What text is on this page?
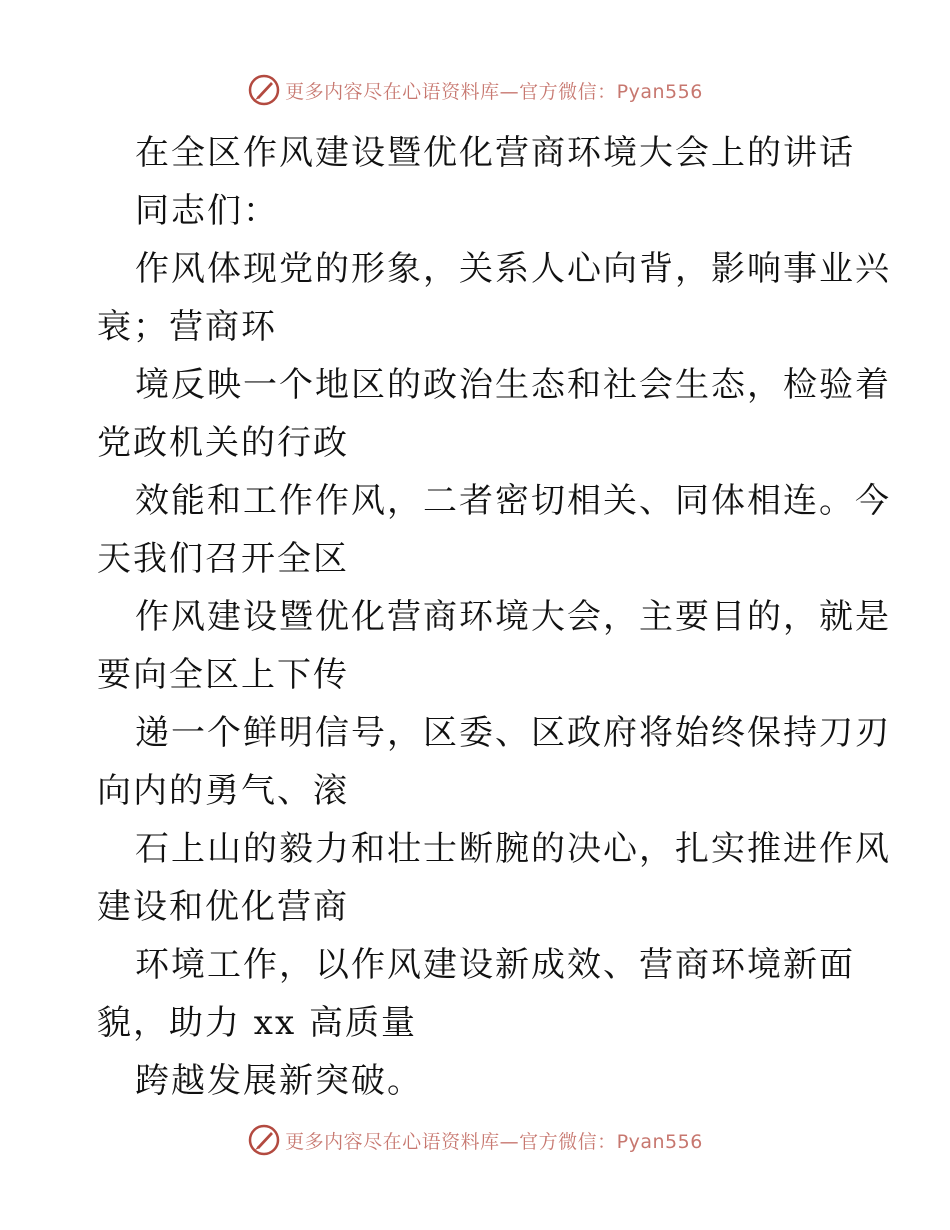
更多内容尽在心语资料库—官方微信：Pyan556
在全区作风建设暨优化营商环境大会上的讲话
同志们：
作风体现党的形象，关系人心向背，影响事业兴
衰；营商环
境反映一个地区的政治生态和社会生态，检验着
党政机关的行政
效能和工作作风，二者密切相关、同体相连。今
天我们召开全区
作风建设暨优化营商环境大会，主要目的，就是
要向全区上下传
递一个鲜明信号，区委、区政府将始终保持刀刃
向内的勇气、滚
石上山的毅力和壮士断腕的决心，扎实推进作风
建设和优化营商
环境工作，以作风建设新成效、营商环境新面
貌，助力 xx 高质量
跨越发展新突破。
更多内容尽在心语资料库—官方微信：Pyan556
